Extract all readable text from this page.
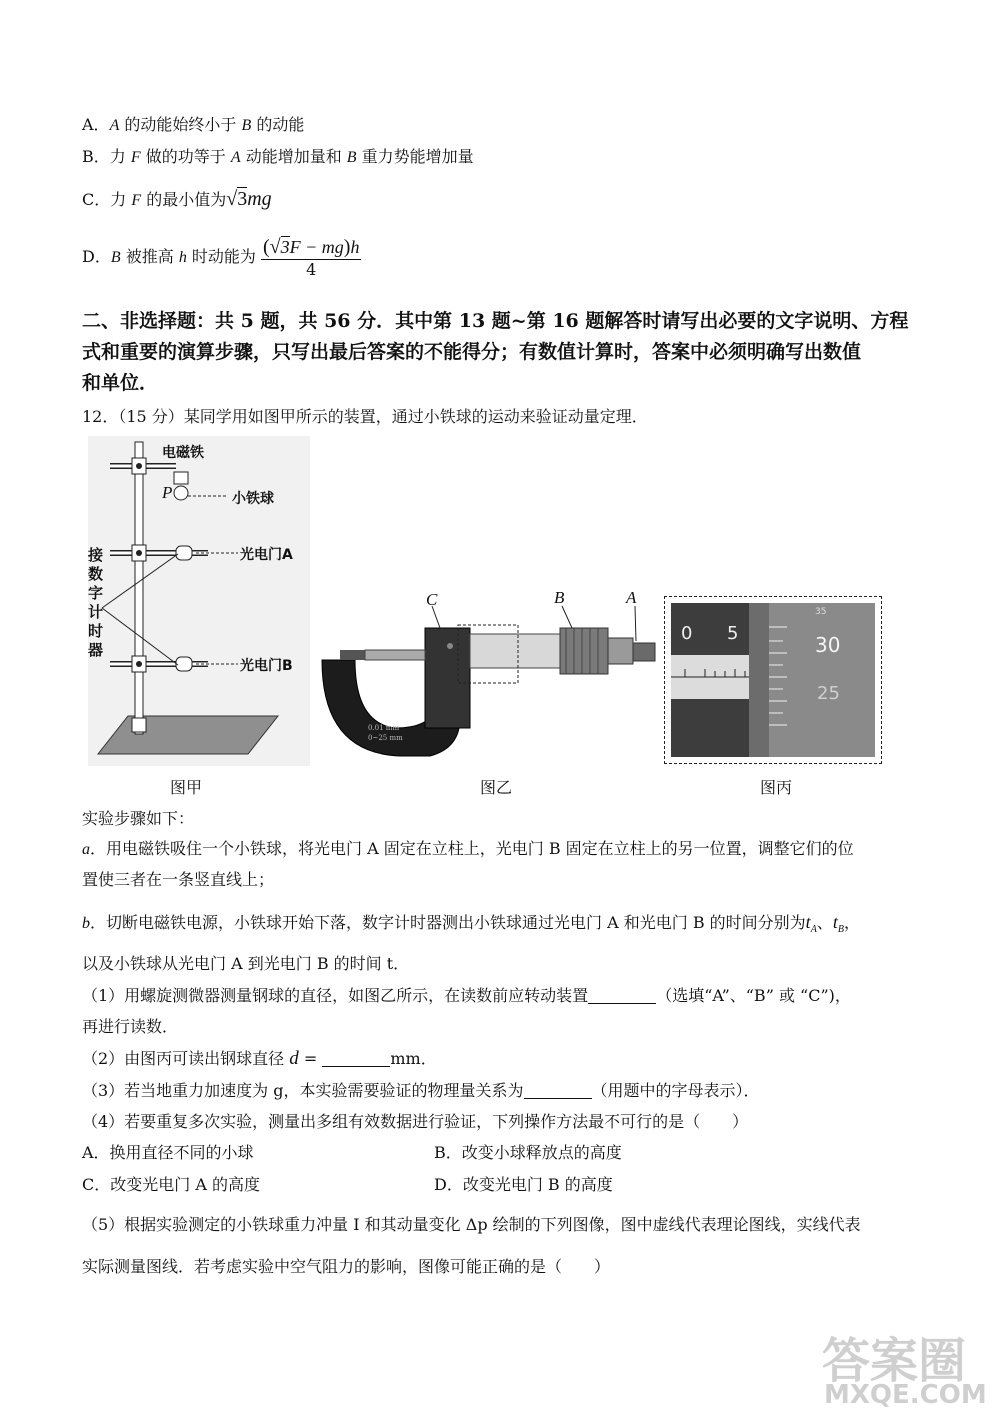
A．A 的动能始终小于 B 的动能
B．力 F 做的功等于 A 动能增加量和 B 重力势能增加量
C．力 F 的最小值为√3mg
D．B 被推高 h 时动能为 $\frac{(√3F - mg)h}{4}$
二、非选择题：共 5 题，共 56 分．其中第 13 题~第 16 题解答时请写出必要的文字说明、方程
式和重要的演算步骤，只写出最后答案的不能得分；有数值计算时，答案中必须明确写出数值
和单位．
12．（15 分）某同学用如图甲所示的装置，通过小铁球的运动来验证动量定理．
电磁铁
P	小铁球
光电门A
光电门B
接
数
字
计
时
器
图甲
C	B	A
0.01 mm
0~25 mm
图乙
0 5
35
30
25
图丙
实验步骤如下：
a．用电磁铁吸住一个小铁球，将光电门 A 固定在立柱上，光电门 B 固定在立柱上的另一位置，调整它们的位
置使三者在一条竖直线上；
b．切断电磁铁电源，小铁球开始下落，数字计时器测出小铁球通过光电门 A 和光电门 B 的时间分别为$t_A$、$t_B$，
以及小铁球从光电门 A 到光电门 B 的时间 t．
（1）用螺旋测微器测量钢球的直径，如图乙所示，在读数前应转动装置	（选填“A”、“B” 或 “C”)，
再进行读数．
（2）由图丙可读出钢球直径 d =	mm．
（3）若当地重力加速度为 g，本实验需要验证的物理量关系为	（用题中的字母表示）．
（4）若要重复多次实验，测量出多组有效数据进行验证，下列操作方法最不可行的是（　　）
A．换用直径不同的小球	B．改变小球释放点的高度
C．改变光电门 A 的高度	D．改变光电门 B 的高度
（5）根据实验测定的小铁球重力冲量 I 和其动量变化 Δp 绘制的下列图像，图中虚线代表理论图线，实线代表
实际测量图线．若考虑实验中空气阻力的影响，图像可能正确的是（　　）
答案圈
MXQE.COM
